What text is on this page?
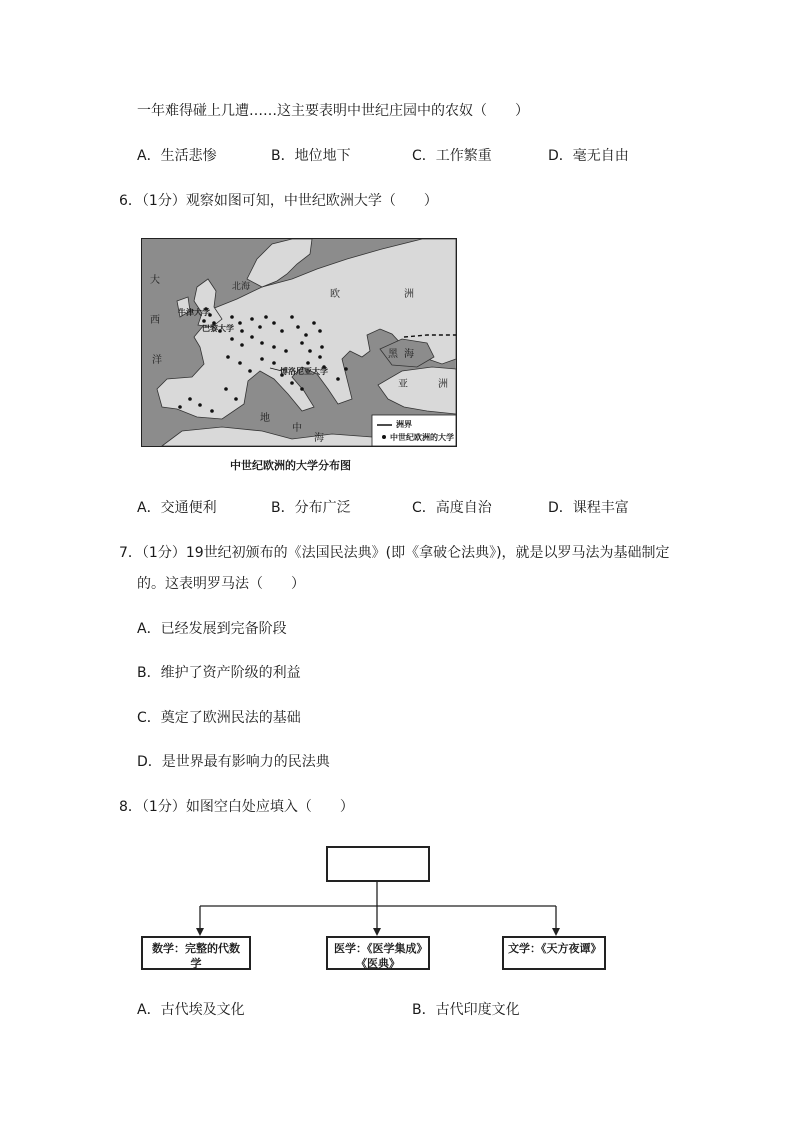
一年难得碰上几遭……这主要表明中世纪庄园中的农奴（　　）
A．生活悲惨	B．地位地下	C．工作繁重	D．毫无自由
6．（1分）观察如图可知，中世纪欧洲大学（　　）
大
西
洋
北海
欧	洲
牛津大学
巴黎大学
博洛尼亚大学
黑 海
亚	洲
地
中
海
洲界
中世纪欧洲的大学
中世纪欧洲的大学分布图
A．交通便利	B．分布广泛	C．高度自治	D．课程丰富
7．（1分）19世纪初颁布的《法国民法典》(即《拿破仑法典》)，就是以罗马法为基础制定
的。这表明罗马法（　　）
A．已经发展到完备阶段
B．维护了资产阶级的利益
C．奠定了欧洲民法的基础
D．是世界最有影响力的民法典
8．（1分）如图空白处应填入（　　）
数学：完整的代数学
医学：《医学集成》《医典》
文学：《天方夜谭》
A．古代埃及文化	B．古代印度文化
